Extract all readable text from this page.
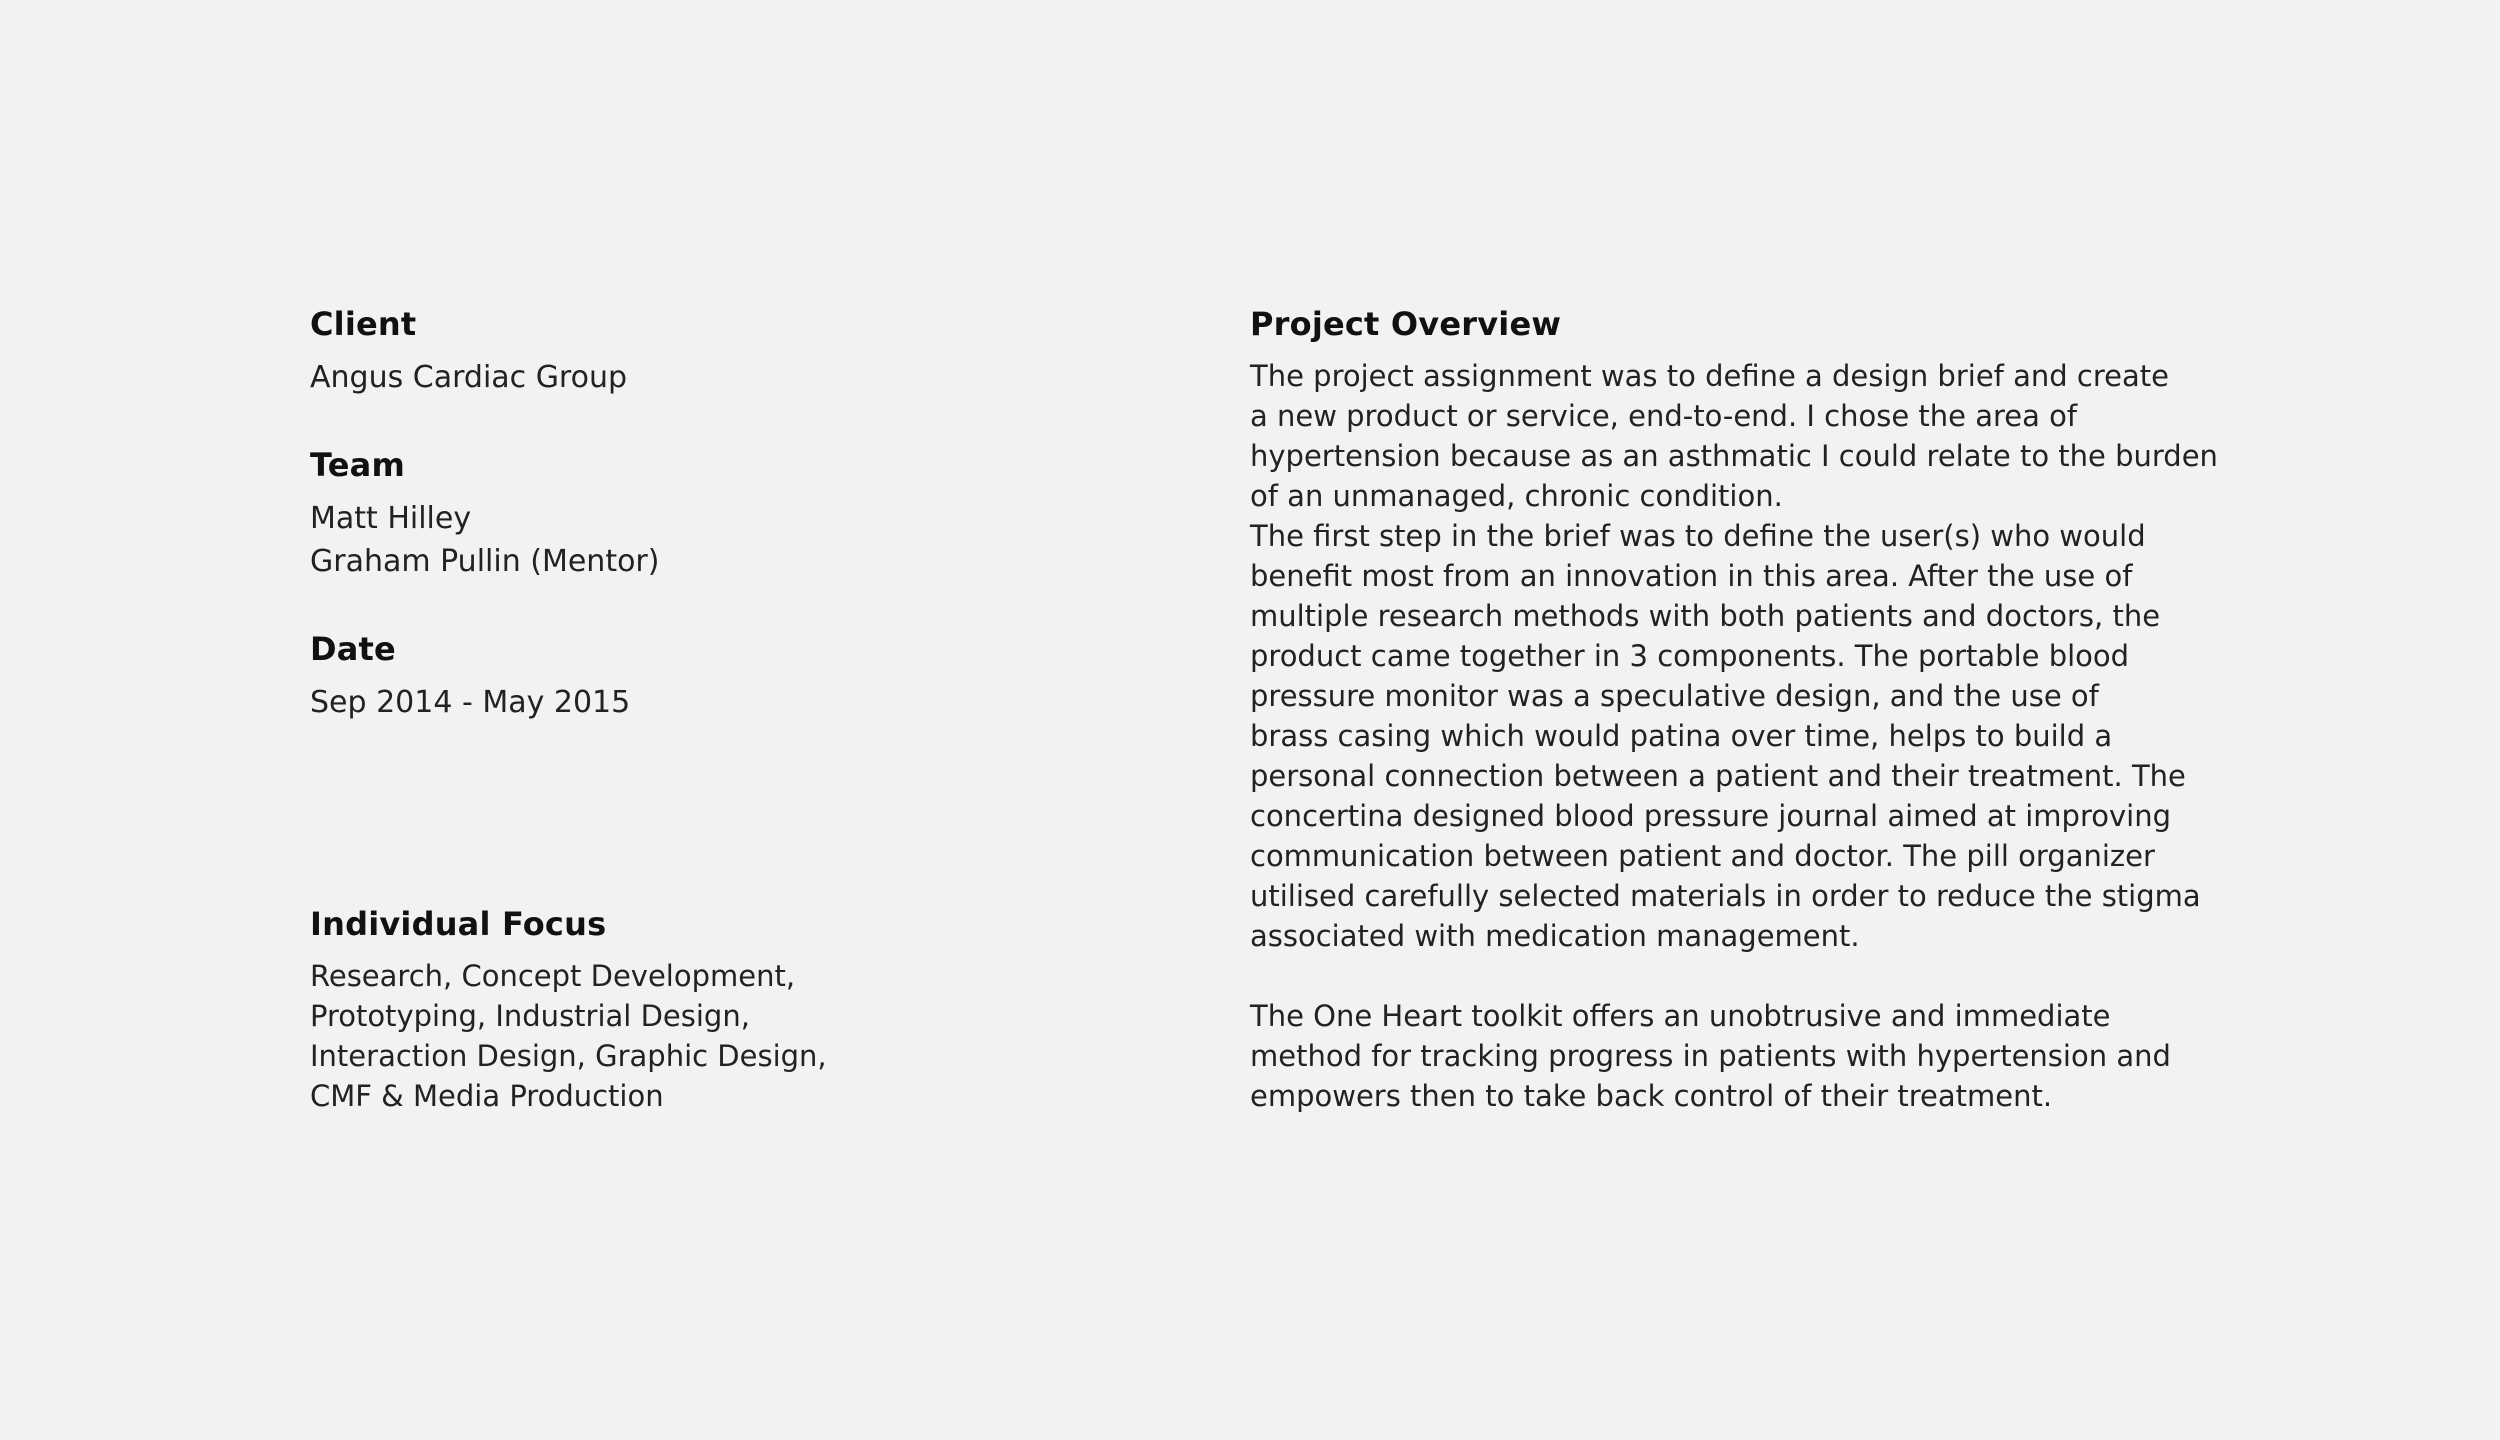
Client
Angus Cardiac Group
Team
Matt Hilley
Graham Pullin (Mentor)
Date
Sep 2014 - May 2015
Individual Focus
Research, Concept Development,
Prototyping, Industrial Design,
Interaction Design, Graphic Design,
CMF & Media Production
Project Overview
The project assignment was to define a design brief and create
a new product or service, end-to-end. I chose the area of
hypertension because as an asthmatic I could relate to the burden
of an unmanaged, chronic condition.
The first step in the brief was to define the user(s) who would
benefit most from an innovation in this area. After the use of
multiple research methods with both patients and doctors, the
product came together in 3 components. The portable blood
pressure monitor was a speculative design, and the use of
brass casing which would patina over time, helps to build a
personal connection between a patient and their treatment. The
concertina designed blood pressure journal aimed at improving
communication between patient and doctor. The pill organizer
utilised carefully selected materials in order to reduce the stigma
associated with medication management.
The One Heart toolkit offers an unobtrusive and immediate
method for tracking progress in patients with hypertension and
empowers then to take back control of their treatment.
